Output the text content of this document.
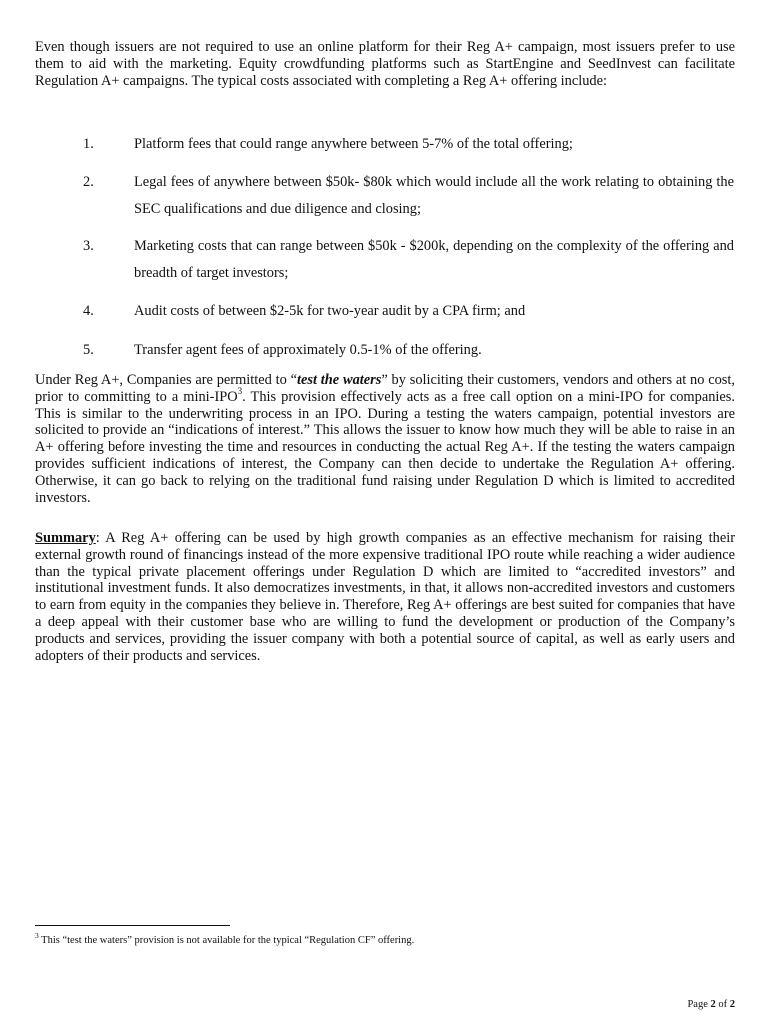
Even though issuers are not required to use an online platform for their Reg A+ campaign, most issuers prefer to use them to aid with the marketing. Equity crowdfunding platforms such as StartEngine and SeedInvest can facilitate Regulation A+ campaigns. The typical costs associated with completing a Reg A+ offering include:

1.	Platform fees that could range anywhere between 5-7% of the total offering;
2.	Legal fees of anywhere between $50k- $80k which would include all the work relating to obtaining the SEC qualifications and due diligence and closing;
3.	Marketing costs that can range between $50k - $200k, depending on the complexity of the offering and breadth of target investors;
4.	Audit costs of between $2-5k for two-year audit by a CPA firm; and
5.	Transfer agent fees of approximately 0.5-1% of the offering.

Under Reg A+, Companies are permitted to “test the waters” by soliciting their customers, vendors and others at no cost, prior to committing to a mini-IPO$^3$. This provision effectively acts as a free call option on a mini-IPO for companies. This is similar to the underwriting process in an IPO. During a testing the waters campaign, potential investors are solicited to provide an “indications of interest.” This allows the issuer to know how much they will be able to raise in an A+ offering before investing the time and resources in conducting the actual Reg A+. If the testing the waters campaign provides sufficient indications of interest, the Company can then decide to undertake the Regulation A+ offering. Otherwise, it can go back to relying on the traditional fund raising under Regulation D which is limited to accredited investors.

Summary: A Reg A+ offering can be used by high growth companies as an effective mechanism for raising their external growth round of financings instead of the more expensive traditional IPO route while reaching a wider audience than the typical private placement offerings under Regulation D which are limited to “accredited investors” and institutional investment funds. It also democratizes investments, in that, it allows non-accredited investors and customers to earn from equity in the companies they believe in. Therefore, Reg A+ offerings are best suited for companies that have a deep appeal with their customer base who are willing to fund the development or production of the Company’s products and services, providing the issuer company with both a potential source of capital, as well as early users and adopters of their products and services.

$^3$ This “test the waters” provision is not available for the typical “Regulation CF” offering.
Page 2 of 2
